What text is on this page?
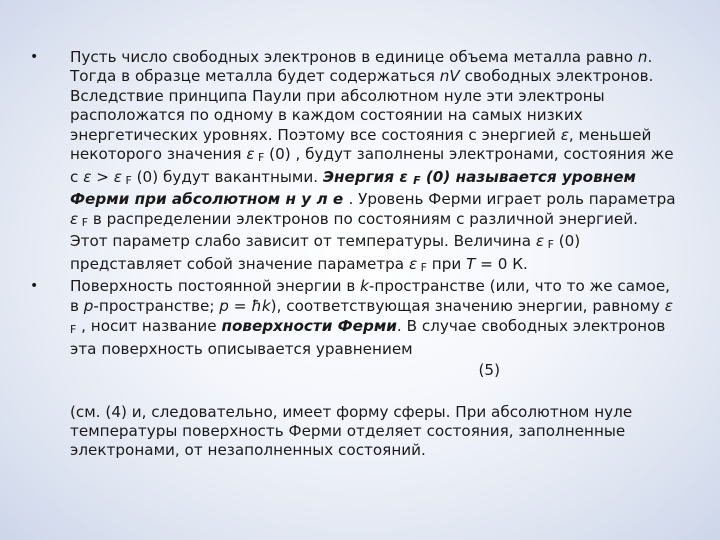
•	Пусть число свободных электронов в единице объема металла равно n. Тогда в образце металла будет содержаться nV свободных электронов. Вследствие принципа Паули при абсолютном нуле эти электроны расположатся по одному в каждом состоянии на самых низких энергетических уровнях. Поэтому все состояния с энергией ε, меньшей некоторого значения ε F (0) , будут заполнены электронами, состояния же с ε > ε F (0) будут вакантными. Энергия ε F (0) называется уровнем Ферми при абсолютном н у л е . Уровень Ферми играет роль параметра ε F в распределении электронов по состояниям с различной энергией. Этот параметр слабо зависит от температуры. Величина ε F (0) представляет собой значение параметра ε F при T = 0 К.
•	Поверхность постоянной энергии в k-пространстве (или, что то же самое, в p-пространстве; p = ħk), соответствующая значению энергии, равному ε F , носит название поверхности Ферми. В случае свободных электронов эта поверхность описывается уравнением
(5)
(см. (4) и, следовательно, имеет форму сферы. При абсолютном нуле температуры поверхность Ферми отделяет состояния, заполненные электронами, от незаполненных состояний.
